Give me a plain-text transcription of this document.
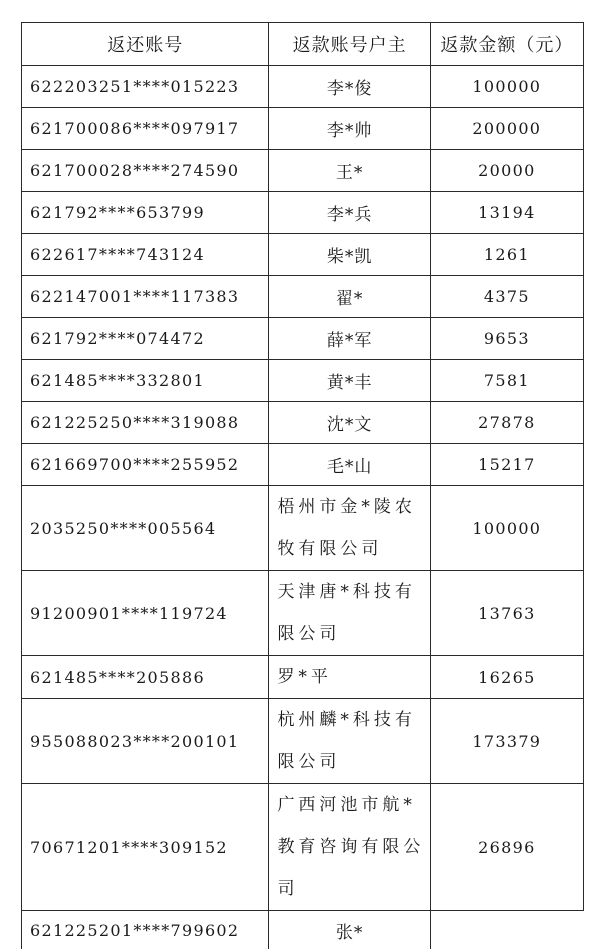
返还账号	返款账号户主	返款金额（元）
622203251****015223	李*俊	100000
621700086****097917	李*帅	200000
621700028****274590	王*	20000
621792****653799	李*兵	13194
622617****743124	柴*凯	1261
622147001****117383	翟*	4375
621792****074472	薛*军	9653
621485****332801	黄*丰	7581
621225250****319088	沈*文	27878
621669700****255952	毛*山	15217
2035250****005564	梧州市金*陵农牧有限公司	100000
91200901****119724	天津唐*科技有限公司	13763
621485****205886	罗*平	16265
955088023****200101	杭州麟*科技有限公司	173379
70671201****309152	广西河池市航*教育咨询有限公司	26896
621225201****799602	张*	
